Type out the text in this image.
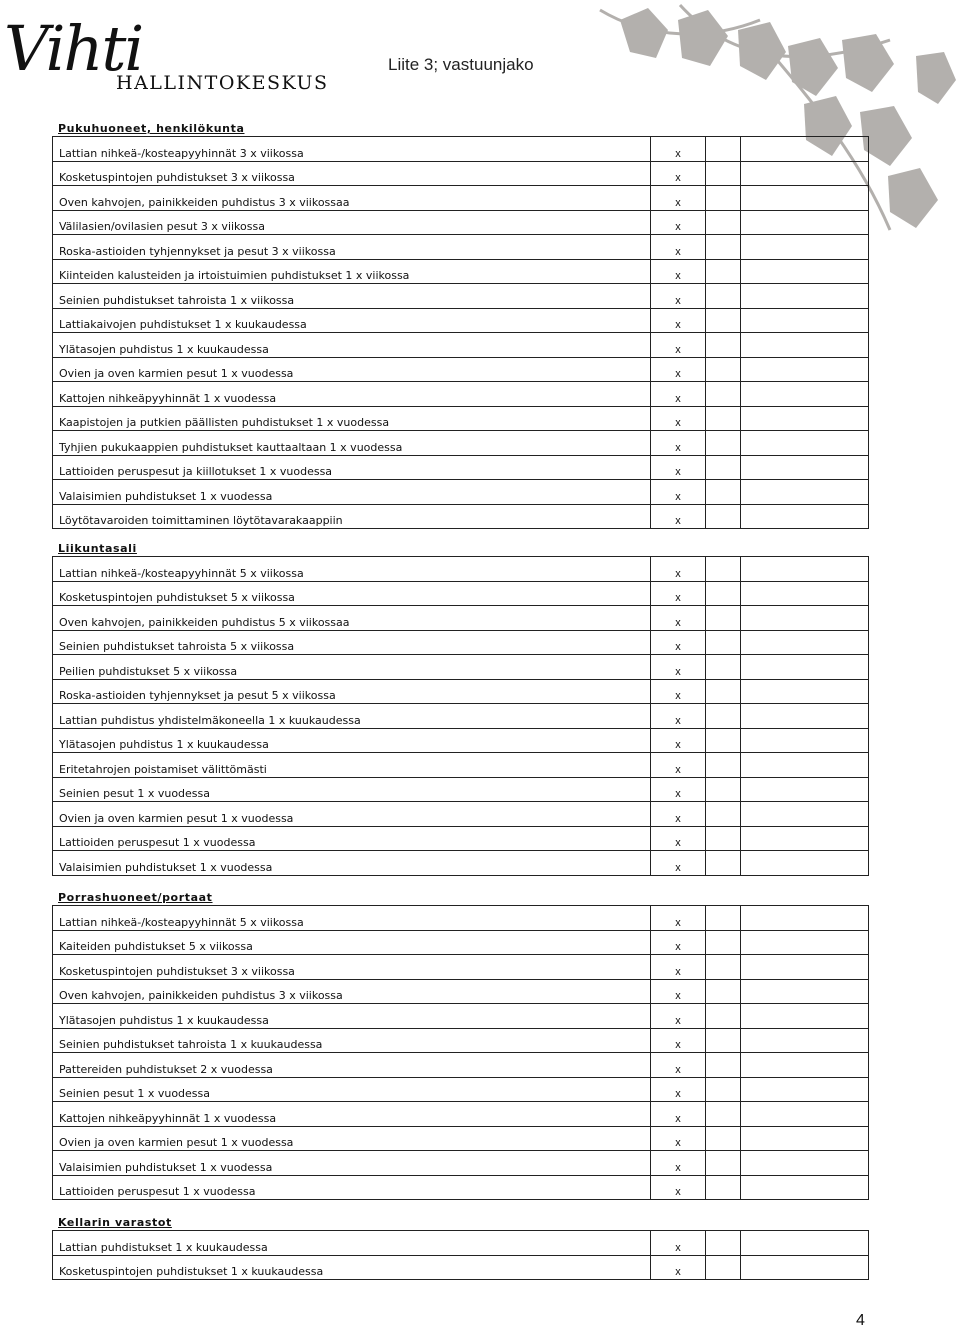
Vihti
HALLINTOKESKUS
Liite 3; vastuunjako
Pukuhuoneet, henkilökunta
Lattian nihkeä-/kosteapyyhinnät 3 x viikossa	x		
Kosketuspintojen puhdistukset 3 x viikossa	x		
Oven kahvojen, painikkeiden puhdistus 3 x viikossaa	x		
Välilasien/ovilasien pesut 3 x viikossa	x		
Roska-astioiden tyhjennykset ja pesut 3 x viikossa	x		
Kiinteiden kalusteiden ja irtoistuimien puhdistukset 1 x viikossa	x		
Seinien puhdistukset tahroista 1 x viikossa	x		
Lattiakaivojen puhdistukset 1 x kuukaudessa	x		
Ylätasojen puhdistus 1 x kuukaudessa	x		
Ovien ja oven karmien pesut 1 x vuodessa	x		
Kattojen nihkeäpyyhinnät 1 x vuodessa	x		
Kaapistojen ja putkien päällisten puhdistukset 1 x vuodessa	x		
Tyhjien pukukaappien puhdistukset kauttaaltaan 1 x vuodessa	x		
Lattioiden peruspesut ja kiillotukset 1 x vuodessa	x		
Valaisimien puhdistukset 1 x vuodessa	x		
Löytötavaroiden toimittaminen löytötavarakaappiin	x		
Liikuntasali
Lattian nihkeä-/kosteapyyhinnät 5 x viikossa	x		
Kosketuspintojen puhdistukset 5 x viikossa	x		
Oven kahvojen, painikkeiden puhdistus 5 x viikossaa	x		
Seinien puhdistukset tahroista 5 x viikossa	x		
Peilien puhdistukset 5 x viikossa	x		
Roska-astioiden tyhjennykset ja pesut 5 x viikossa	x		
Lattian puhdistus yhdistelmäkoneella 1 x kuukaudessa	x		
Ylätasojen puhdistus 1 x kuukaudessa	x		
Eritetahrojen poistamiset välittömästi	x		
Seinien pesut 1 x vuodessa	x		
Ovien ja oven karmien pesut 1 x vuodessa	x		
Lattioiden peruspesut 1 x vuodessa	x		
Valaisimien puhdistukset 1 x vuodessa	x		
Porrashuoneet/portaat
Lattian nihkeä-/kosteapyyhinnät 5 x viikossa	x		
Kaiteiden puhdistukset 5 x viikossa	x		
Kosketuspintojen puhdistukset 3 x viikossa	x		
Oven kahvojen, painikkeiden puhdistus 3 x viikossa	x		
Ylätasojen puhdistus 1 x kuukaudessa	x		
Seinien puhdistukset tahroista 1 x kuukaudessa	x		
Pattereiden puhdistukset 2 x vuodessa	x		
Seinien pesut 1 x vuodessa	x		
Kattojen nihkeäpyyhinnät 1 x vuodessa	x		
Ovien ja oven karmien pesut 1 x vuodessa	x		
Valaisimien puhdistukset 1 x vuodessa	x		
Lattioiden peruspesut 1 x vuodessa	x		
Kellarin varastot
Lattian puhdistukset 1 x kuukaudessa	x		
Kosketuspintojen puhdistukset 1 x kuukaudessa	x		
4
